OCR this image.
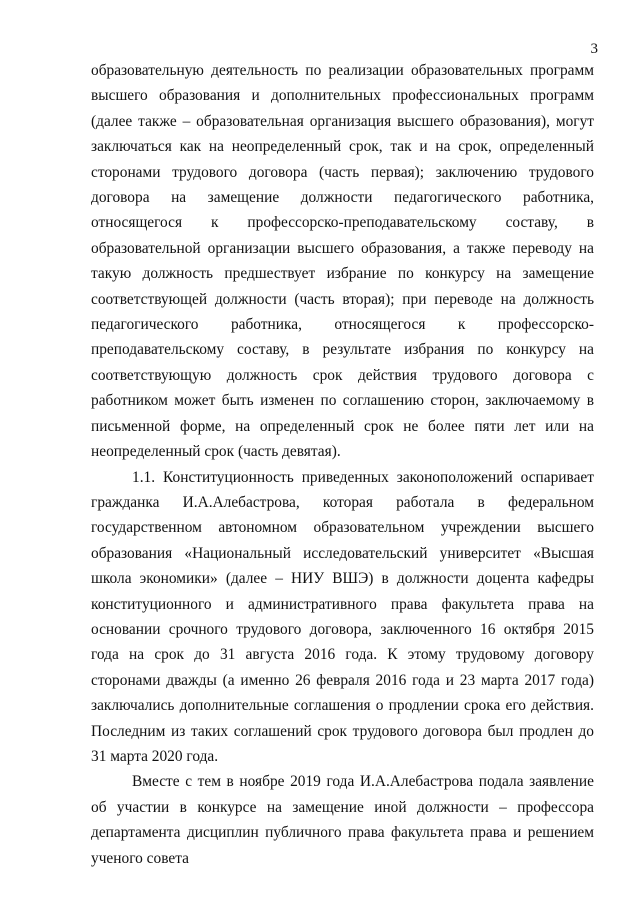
3

образовательную деятельность по реализации образовательных программ высшего образования и дополнительных профессиональных программ (далее также – образовательная организация высшего образования), могут заключаться как на неопределенный срок, так и на срок, определенный сторонами трудового договора (часть первая); заключению трудового договора на замещение должности педагогического работника, относящегося к профессорско-преподавательскому составу, в образовательной организации высшего образования, а также переводу на такую должность предшествует избрание по конкурсу на замещение соответствующей должности (часть вторая); при переводе на должность педагогического работника, относящегося к профессорско-преподавательскому составу, в результате избрания по конкурсу на соответствующую должность срок действия трудового договора с работником может быть изменен по соглашению сторон, заключаемому в письменной форме, на определенный срок не более пяти лет или на неопределенный срок (часть девятая).

1.1. Конституционность приведенных законоположений оспаривает гражданка И.А.Алебастрова, которая работала в федеральном государственном автономном образовательном учреждении высшего образования «Национальный исследовательский университет «Высшая школа экономики» (далее – НИУ ВШЭ) в должности доцента кафедры конституционного и административного права факультета права на основании срочного трудового договора, заключенного 16 октября 2015 года на срок до 31 августа 2016 года. К этому трудовому договору сторонами дважды (а именно 26 февраля 2016 года и 23 марта 2017 года) заключались дополнительные соглашения о продлении срока его действия. Последним из таких соглашений срок трудового договора был продлен до 31 марта 2020 года.

Вместе с тем в ноябре 2019 года И.А.Алебастрова подала заявление об участии в конкурсе на замещение иной должности – профессора департамента дисциплин публичного права факультета права и решением ученого совета
